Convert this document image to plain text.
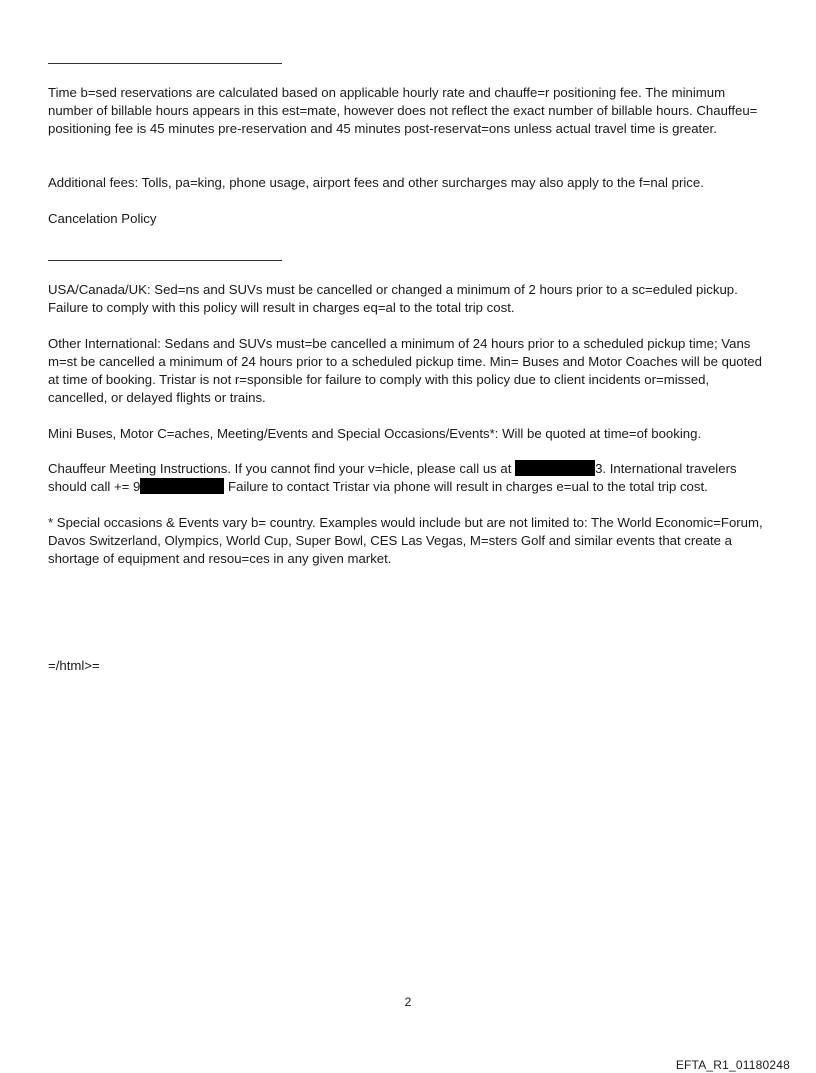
Time b=sed reservations are calculated based on applicable hourly rate and chauffe=r positioning fee. The minimum number of billable hours appears in this est=mate, however does not reflect the exact number of billable hours. Chauffeu= positioning fee is 45 minutes pre-reservation and 45 minutes post-reservat=ons unless actual travel time is greater.

Additional fees: Tolls, pa=king, phone usage, airport fees and other surcharges may also apply to the f=nal price.

Cancelation Policy

USA/Canada/UK: Sed=ns and SUVs must be cancelled or changed a minimum of 2 hours prior to a sc=eduled pickup. Failure to comply with this policy will result in charges eq=al to the total trip cost.

Other International: Sedans and SUVs must=be cancelled a minimum of 24 hours prior to a scheduled pickup time; Vans m=st be cancelled a minimum of 24 hours prior to a scheduled pickup time. Min= Buses and Motor Coaches will be quoted at time of booking. Tristar is not r=sponsible for failure to comply with this policy due to client incidents or=missed, cancelled, or delayed flights or trains.

Mini Buses, Motor C=aches, Meeting/Events and Special Occasions/Events*: Will be quoted at time=of booking.

Chauffeur Meeting Instructions. If you cannot find your v=hicle, please call us at	3. International travelers should call += 9	Failure to contact Tristar via phone will result in charges e=ual to the total trip cost.

* Special occasions & Events vary b= country. Examples would include but are not limited to: The World Economic=Forum, Davos Switzerland, Olympics, World Cup, Super Bowl, CES Las Vegas, M=sters Golf and similar events that create a shortage of equipment and resou=ces in any given market.

=/html>=

2
EFTA_R1_01180248
